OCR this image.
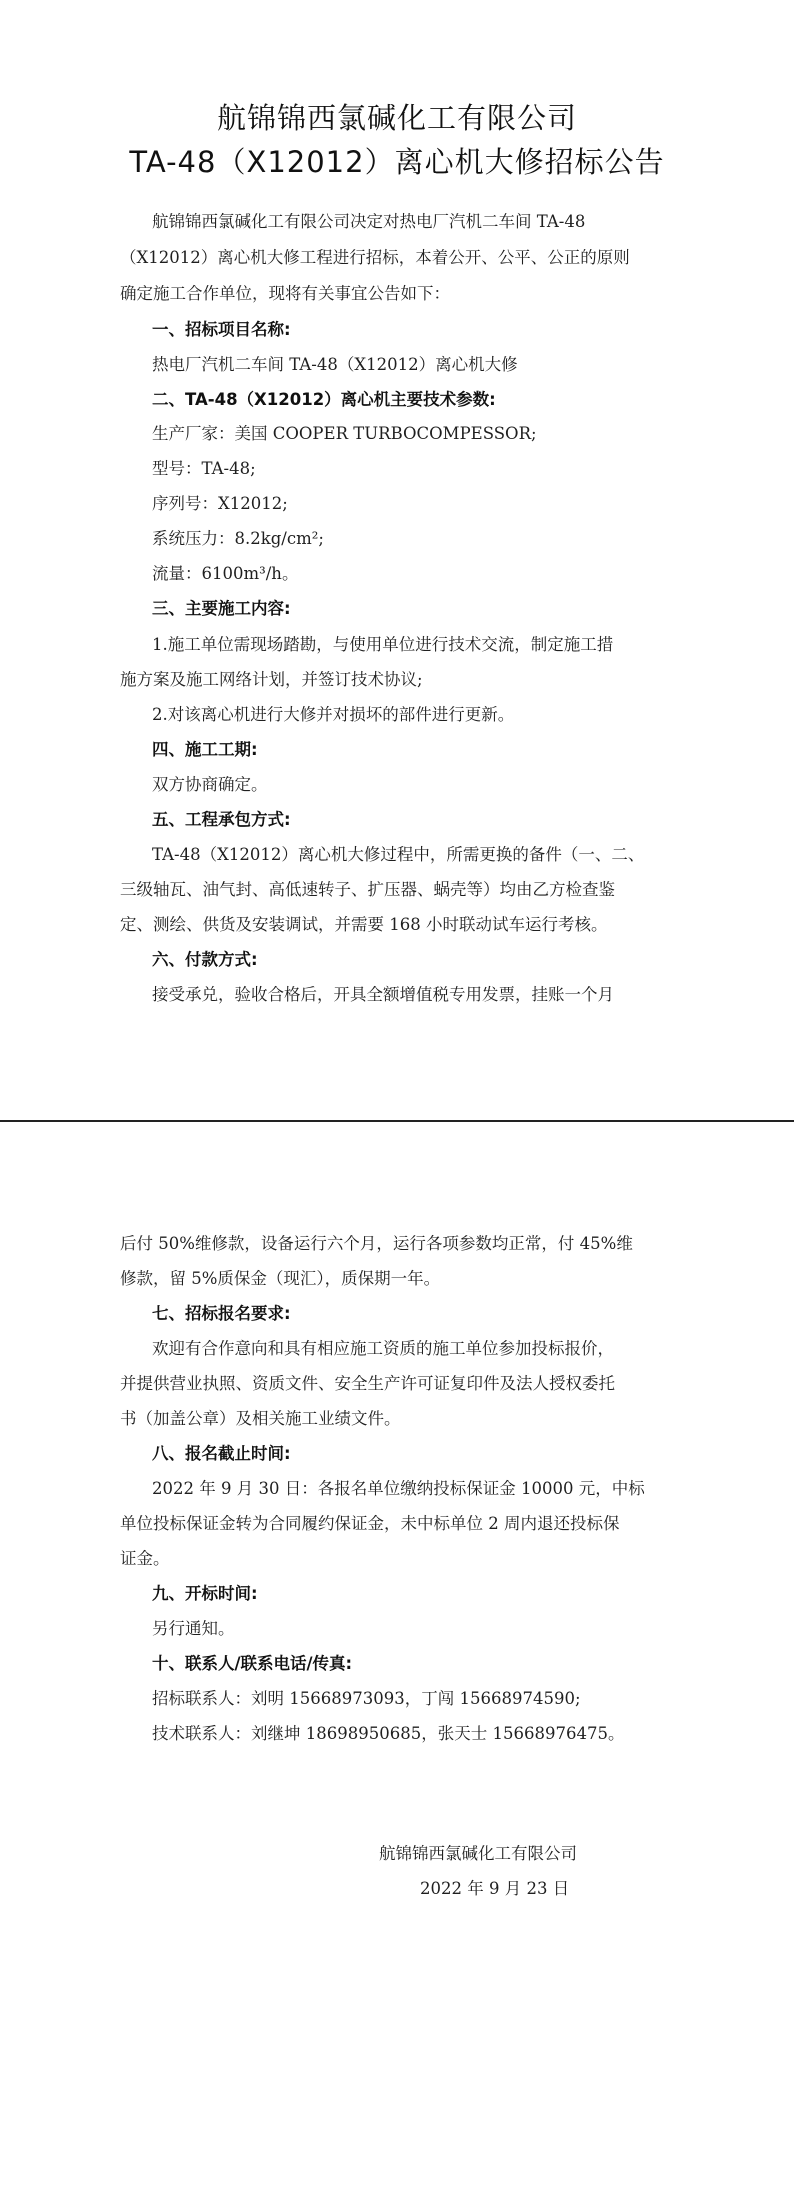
航锦锦西氯碱化工有限公司
TA-48（X12012）离心机大修招标公告
航锦锦西氯碱化工有限公司决定对热电厂汽机二车间 TA-48
（X12012）离心机大修工程进行招标，本着公开、公平、公正的原则
确定施工合作单位，现将有关事宜公告如下：
一、招标项目名称:
热电厂汽机二车间 TA-48（X12012）离心机大修
二、TA-48（X12012）离心机主要技术参数:
生产厂家：美国 COOPER TURBOCOMPESSOR;
型号：TA-48;
序列号：X12012;
系统压力：8.2kg/cm²;
流量：6100m³/h。
三、主要施工内容:
1.施工单位需现场踏勘，与使用单位进行技术交流，制定施工措
施方案及施工网络计划，并签订技术协议;
2.对该离心机进行大修并对损坏的部件进行更新。
四、施工工期:
双方协商确定。
五、工程承包方式:
TA-48（X12012）离心机大修过程中，所需更换的备件（一、二、
三级轴瓦、油气封、高低速转子、扩压器、蜗壳等）均由乙方检查鉴
定、测绘、供货及安装调试，并需要 168 小时联动试车运行考核。
六、付款方式:
接受承兑，验收合格后，开具全额增值税专用发票，挂账一个月
后付 50%维修款，设备运行六个月，运行各项参数均正常，付 45%维
修款，留 5%质保金（现汇），质保期一年。
七、招标报名要求:
欢迎有合作意向和具有相应施工资质的施工单位参加投标报价，
并提供营业执照、资质文件、安全生产许可证复印件及法人授权委托
书（加盖公章）及相关施工业绩文件。
八、报名截止时间:
2022 年 9 月 30 日：各报名单位缴纳投标保证金 10000 元，中标
单位投标保证金转为合同履约保证金，未中标单位 2 周内退还投标保
证金。
九、开标时间:
另行通知。
十、联系人/联系电话/传真:
招标联系人：刘明 15668973093，丁闯 15668974590;
技术联系人：刘继坤 18698950685，张天士 15668976475。
航锦锦西氯碱化工有限公司
2022 年 9 月 23 日
